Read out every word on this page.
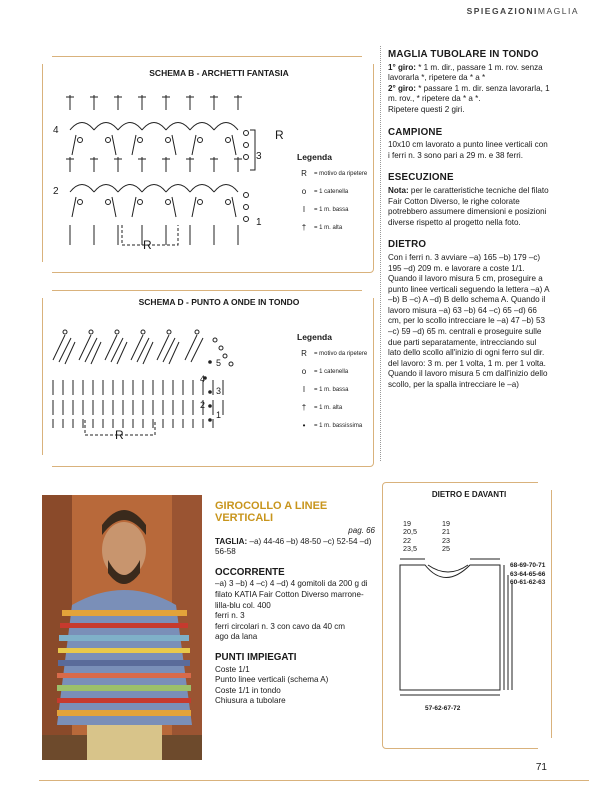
SPIEGAZIONIMAGLIA
SCHEMA B - ARCHETTI FANTASIA
4
2
R
3
1
R
Legenda
R	= motivo da ripetere
o	= 1 catenella
I	= 1 m. bassa
†	= 1 m. alta
SCHEMA D - PUNTO A ONDE IN TONDO
5
4
3
2
1
R
Legenda
R	= motivo da ripetere
o	= 1 catenella
I	= 1 m. bassa
†	= 1 m. alta
•	= 1 m. bassissima
MAGLIA TUBOLARE IN TONDO

1° giro: * 1 m. dir., passare 1 m. rov. senza lavorarla *, ripetere da * a *

2° giro: * passare 1 m. dir. senza lavorarla, 1 m. rov., * ripetere da * a *.

Ripetere questi 2 giri.

CAMPIONE

10x10 cm lavorato a punto linee verticali con i ferri n. 3 sono pari a 29 m. e 38 ferri.

ESECUZIONE

Nota: per le caratteristiche tecniche del filato Fair Cotton Diverso, le righe colorate potrebbero assumere dimensioni e posizioni diverse rispetto al progetto nella foto.

DIETRO

Con i ferri n. 3 avviare –a) 165 –b) 179 –c) 195 –d) 209 m. e lavorare a coste 1/1. Quando il lavoro misura 5 cm, proseguire a punto linee verticali seguendo la lettera –a) A –b) B –c) A –d) B dello schema A. Quando il lavoro misura –a) 63 –b) 64 –c) 65 –d) 66 cm, per lo scollo intrecciare le –a) 47 –b) 53 –c) 59 –d) 65 m. centrali e proseguire sulle due parti separatamente, intrecciando sul lato dello scollo all'inizio di ogni ferro sul dir. del lavoro: 3 m. per 1 volta, 1 m. per 1 volta.

Quando il lavoro misura 5 cm dall'inizio dello scollo, per la spalla intrecciare le –a)

GIROCOLLO A LINEE VERTICALI
pag. 66

TAGLIA: –a) 44-46 –b) 48-50 –c) 52-54 –d) 56-58

OCCORRENTE

–a) 3 –b) 4 –c) 4 –d) 4 gomitoli da 200 g di filato KATIA Fair Cotton Diverso marrone-lilla-blu col. 400

ferri n. 3

ferri circolari n. 3 con cavo da 40 cm

ago da lana

PUNTI IMPIEGATI

Coste 1/1

Punto linee verticali (schema A)

Coste 1/1 in tondo

Chiusura a tubolare

DIETRO E DAVANTI
19
20,5
22
23,5
19
21
23
25
68-69-70-71
63-64-65-66
60-61-62-63
57-62-67-72
71
